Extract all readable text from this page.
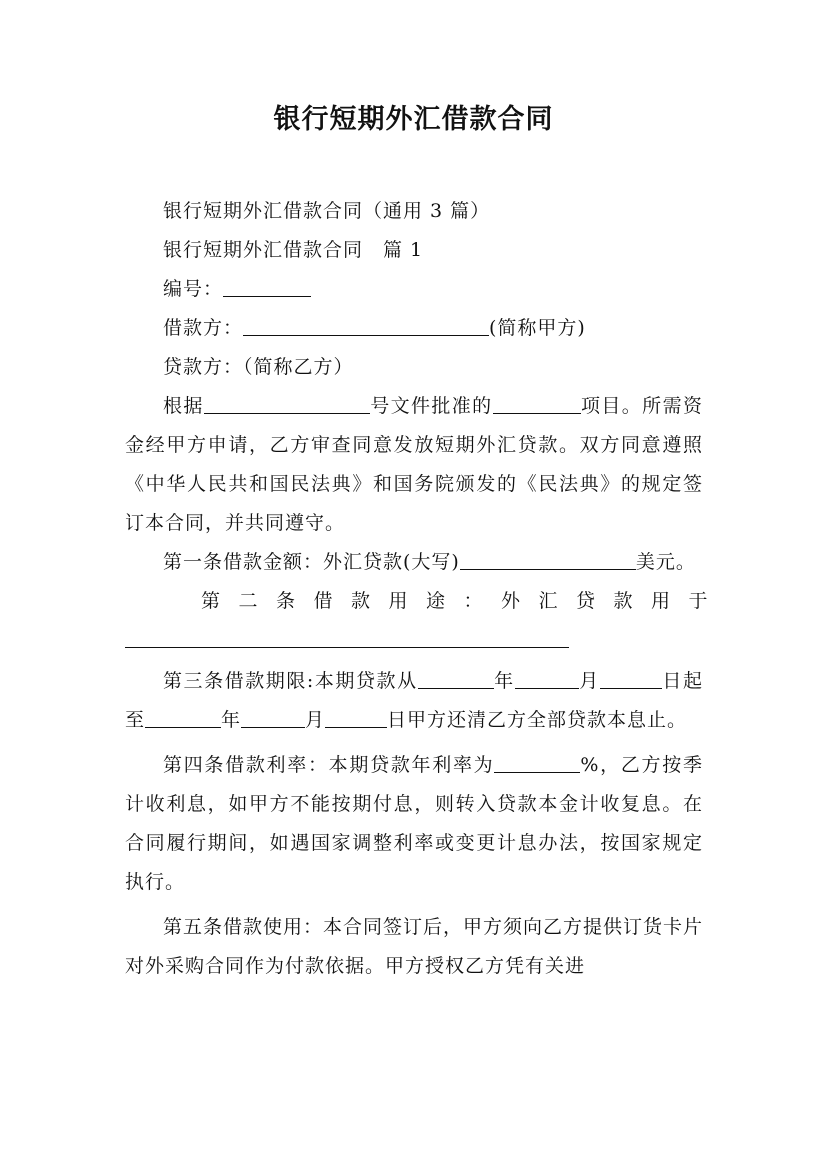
银行短期外汇借款合同

银行短期外汇借款合同（通用 3 篇）

银行短期外汇借款合同　篇 1

编号：

借款方：	(简称甲方)

贷款方：（简称乙方）

根据	号文件批准的	项目。所需资金经甲方申请，乙方审查同意发放短期外汇贷款。双方同意遵照《中华人民共和国民法典》和国务院颁发的《民法典》的规定签订本合同，并共同遵守。

第一条借款金额：外汇贷款(大写)	美元。

第二条借款用途：外汇贷款用于

第三条借款期限:本期贷款从	年	月	日起至	年	月	日甲方还清乙方全部贷款本息止。

第四条借款利率：本期贷款年利率为	%，乙方按季计收利息，如甲方不能按期付息，则转入贷款本金计收复息。在合同履行期间，如遇国家调整利率或变更计息办法，按国家规定执行。

第五条借款使用：本合同签订后，甲方须向乙方提供订货卡片对外采购合同作为付款依据。甲方授权乙方凭有关进
